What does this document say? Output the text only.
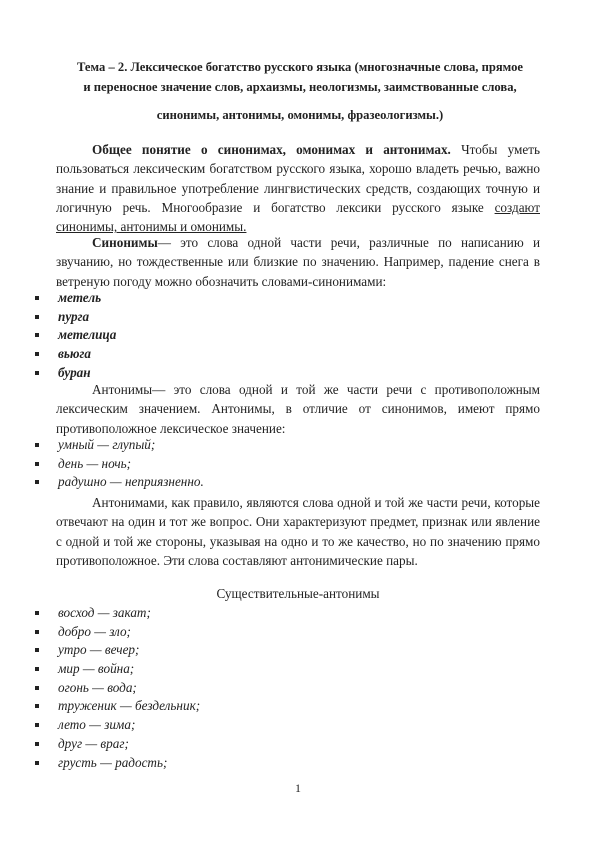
Тема – 2. Лексическое богатство русского языка (многозначные слова, прямое
и переносное значение слов, архаизмы, неологизмы, заимствованные слова,
синонимы, антонимы, омонимы, фразеологизмы.)
Общее понятие о синонимах, омонимах и антонимах. Чтобы уметь пользоваться лексическим богатством русского языка, хорошо владеть речью, важно знание и правильное употребление лингвистических средств, создающих точную и логичную речь. Многообразие и богатство лексики русского языке создают синонимы, антонимы и омонимы.
Синонимы— это слова одной части речи, различные по написанию и звучанию, но тождественные или близкие по значению. Например, падение снега в ветреную погоду можно обозначить словами-синонимами:
метель
пурга
метелица
вьюга
буран
Антонимы— это слова одной и той же части речи с противоположным лексическим значением. Антонимы, в отличие от синонимов, имеют прямо противоположное лексическое значение:
умный — глупый;
день — ночь;
радушно — неприязненно.
Антонимами, как правило, являются слова одной и той же части речи, которые отвечают на один и тот же вопрос. Они характеризуют предмет, признак или явление с одной и той же стороны, указывая на одно и то же качество, но по значению прямо противоположное. Эти слова составляют антонимические пары.
Существительные-антонимы
восход — закат;
добро — зло;
утро — вечер;
мир — война;
огонь — вода;
труженик — бездельник;
лето — зима;
друг — враг;
грусть — радость;
1
